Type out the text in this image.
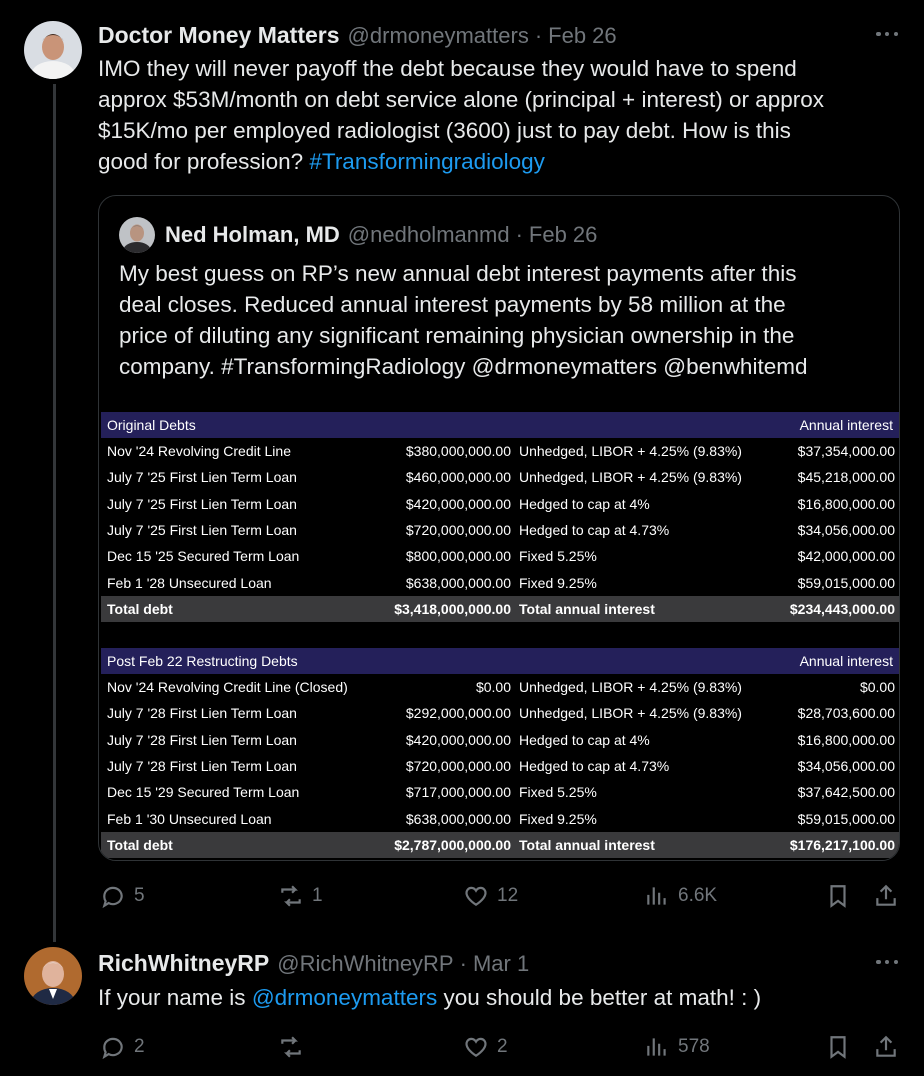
Doctor Money Matters @drmoneymatters · Feb 26
IMO they will never payoff the debt because they would have to spend
approx $53M/month on debt service alone (principal + interest) or approx
$15K/mo per employed radiologist (3600) just to pay debt. How is this
good for profession? #Transformingradiology
Ned Holman, MD @nedholmanmd · Feb 26
My best guess on RP’s new annual debt interest payments after this
deal closes. Reduced annual interest payments by 58 million at the
price of diluting any significant remaining physician ownership in the
company. #TransformingRadiology @drmoneymatters @benwhitemd
Original Debts	Annual interest
Nov '24 Revolving Credit Line	$380,000,000.00 Unhedged, LIBOR + 4.25% (9.83%)	$37,354,000.00
July 7 '25 First Lien Term Loan	$460,000,000.00 Unhedged, LIBOR + 4.25% (9.83%)	$45,218,000.00
July 7 '25 First Lien Term Loan	$420,000,000.00 Hedged to cap at 4%	$16,800,000.00
July 7 '25 First Lien Term Loan	$720,000,000.00 Hedged to cap at 4.73%	$34,056,000.00
Dec 15 '25 Secured Term Loan	$800,000,000.00 Fixed 5.25%	$42,000,000.00
Feb 1 '28 Unsecured Loan	$638,000,000.00 Fixed 9.25%	$59,015,000.00
Total debt	$3,418,000,000.00 Total annual interest	$234,443,000.00
Post Feb 22 Restructing Debts	Annual interest
Nov '24 Revolving Credit Line (Closed)	$0.00 Unhedged, LIBOR + 4.25% (9.83%)	$0.00
July 7 '28 First Lien Term Loan	$292,000,000.00 Unhedged, LIBOR + 4.25% (9.83%)	$28,703,600.00
July 7 '28 First Lien Term Loan	$420,000,000.00 Hedged to cap at 4%	$16,800,000.00
July 7 '28 First Lien Term Loan	$720,000,000.00 Hedged to cap at 4.73%	$34,056,000.00
Dec 15 '29 Secured Term Loan	$717,000,000.00 Fixed 5.25%	$37,642,500.00
Feb 1 '30 Unsecured Loan	$638,000,000.00 Fixed 9.25%	$59,015,000.00
Total debt	$2,787,000,000.00 Total annual interest	$176,217,100.00
5	1	12	6.6K
RichWhitneyRP @RichWhitneyRP · Mar 1
If your name is @drmoneymatters you should be better at math! : )
2	2	578
